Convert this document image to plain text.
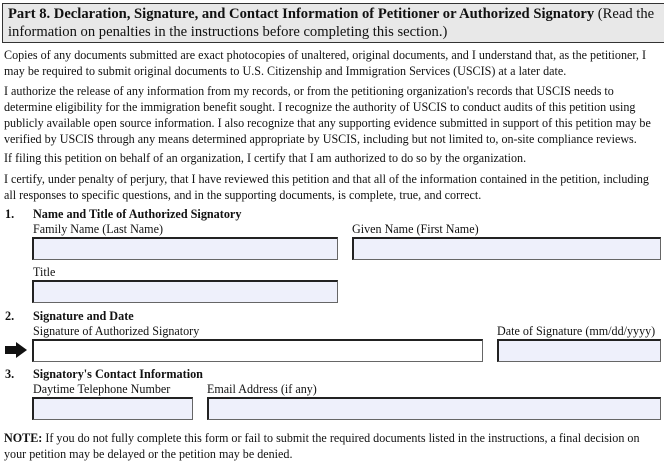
Part 8. Declaration, Signature, and Contact Information of Petitioner or Authorized Signatory (Read the information on penalties in the instructions before completing this section.)

Copies of any documents submitted are exact photocopies of unaltered, original documents, and I understand that, as the petitioner, I may be required to submit original documents to U.S. Citizenship and Immigration Services (USCIS) at a later date.

I authorize the release of any information from my records, or from the petitioning organization's records that USCIS needs to determine eligibility for the immigration benefit sought. I recognize the authority of USCIS to conduct audits of this petition using publicly available open source information. I also recognize that any supporting evidence submitted in support of this petition may be verified by USCIS through any means determined appropriate by USCIS, including but not limited to, on-site compliance reviews.

If filing this petition on behalf of an organization, I certify that I am authorized to do so by the organization.

I certify, under penalty of perjury, that I have reviewed this petition and that all of the information contained in the petition, including all responses to specific questions, and in the supporting documents, is complete, true, and correct.

1. Name and Title of Authorized Signatory
Family Name (Last Name)	Given Name (First Name)
Title
2. Signature and Date
Signature of Authorized Signatory	Date of Signature (mm/dd/yyyy)
3. Signatory's Contact Information
Daytime Telephone Number	Email Address (if any)

NOTE: If you do not fully complete this form or fail to submit the required documents listed in the instructions, a final decision on your petition may be delayed or the petition may be denied.
